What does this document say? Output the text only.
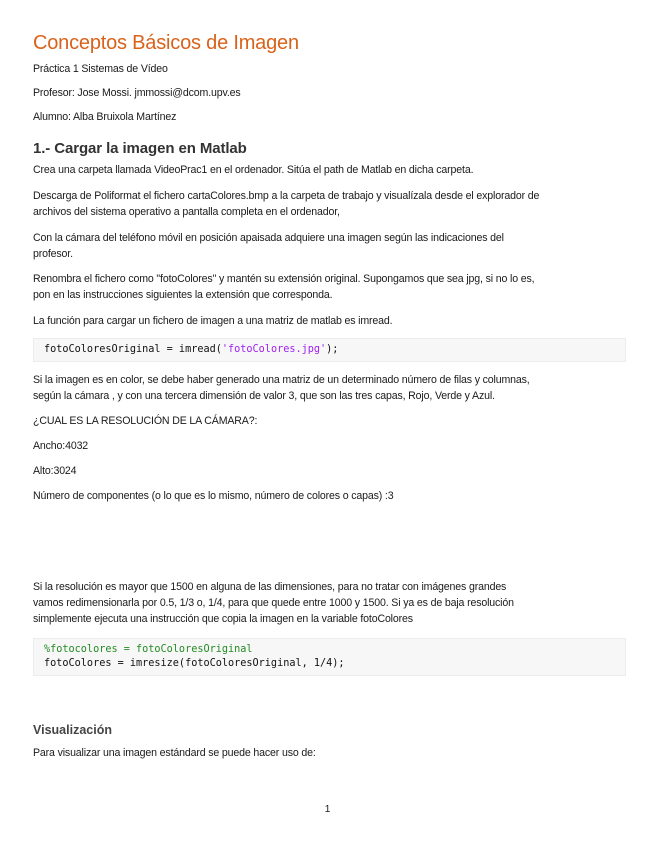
Conceptos Básicos de Imagen
Práctica 1 Sistemas de Vídeo
Profesor: Jose Mossi. jmmossi@dcom.upv.es
Alumno: Alba Bruixola Martínez
1.- Cargar la imagen en Matlab
Crea una carpeta llamada VideoPrac1 en el ordenador. Sitúa el path de Matlab en dicha carpeta.
Descarga de Poliformat el fichero cartaColores.bmp a la carpeta de trabajo y visualízala desde el explorador de
archivos del sistema operativo a pantalla completa en el ordenador,
Con la cámara del teléfono móvil en posición apaisada adquiere una imagen según las indicaciones del
profesor.
Renombra el fichero como "fotoColores" y mantén su extensión original. Supongamos que sea jpg, si no lo es,
pon en las instrucciones siguientes la extensión que corresponda.
La función para cargar un fichero de imagen a una matriz de matlab es imread.
fotoColoresOriginal = imread('fotoColores.jpg');
Si la imagen es en color, se debe haber generado una matriz de un determinado número de filas y columnas,
según la cámara , y con una tercera dimensión de valor 3, que son las tres capas, Rojo, Verde y Azul.
¿CUAL ES LA RESOLUCIÓN DE LA CÁMARA?:
Ancho:4032
Alto:3024
Número de componentes (o lo que es lo mismo, número de colores o capas) :3
Si la resolución es mayor que 1500 en alguna de las dimensiones, para no tratar con imágenes grandes
vamos redimensionarla por 0.5, 1/3 o, 1/4, para que quede entre 1000 y 1500. Si ya es de baja resolución
simplemente ejecuta una instrucción que copia la imagen en la variable fotoColores
%fotocolores = fotoColoresOriginal
fotoColores = imresize(fotoColoresOriginal, 1/4);
Visualización
Para visualizar una imagen estándard se puede hacer uso de:
1
